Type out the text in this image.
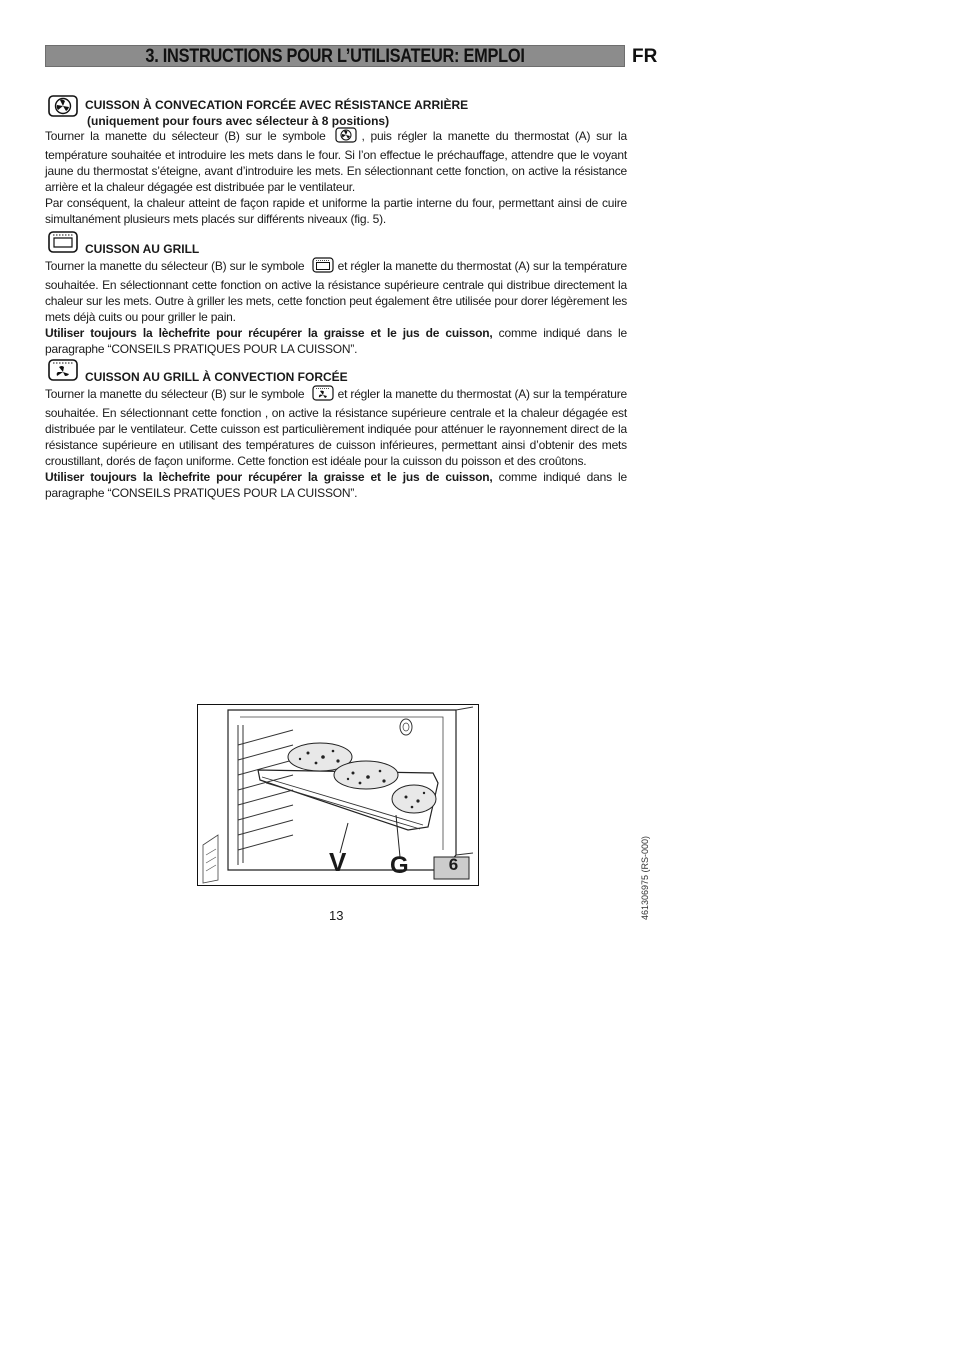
3. INSTRUCTIONS POUR L’UTILISATEUR: EMPLOI	FR
CUISSON À CONVECATION FORCÉE AVEC RÉSISTANCE ARRIÈRE
(uniquement pour fours avec sélecteur à 8 positions)

Tourner la manette du sélecteur (B) sur le symbole	, puis régler la manette du thermostat (A) sur la température souhaitée et introduire les mets dans le four. Si l’on effectue le préchauffage, attendre que le voyant jaune du thermostat s’éteigne, avant d’introduire les mets. En sélectionnant cette fonction, on active la résistance arrière et la chaleur dégagée est distribuée par le ventilateur.

Par conséquent, la chaleur atteint de façon rapide et uniforme la partie interne du four, permettant ainsi de cuire simultanément plusieurs mets placés sur différents niveaux (fig. 5).

CUISSON AU GRILL

Tourner la manette du sélecteur (B) sur le symbole	et régler la manette du thermostat (A) sur la température souhaitée. En sélectionnant cette fonction on active la résistance supérieure centrale qui distribue directement la chaleur sur les mets. Outre à griller les mets, cette fonction peut également être utilisée pour dorer légèrement les mets déjà cuits ou pour griller le pain.

Utiliser toujours la lèchefrite pour récupérer la graisse et le jus de cuisson, comme indiqué dans le paragraphe “CONSEILS PRATIQUES POUR LA CUISSON”.

CUISSON AU GRILL À CONVECTION FORCÉE

Tourner la manette du sélecteur (B) sur le symbole	et régler la manette du thermostat (A) sur la température souhaitée. En sélectionnant cette fonction , on active la résistance supérieure centrale et la chaleur dégagée est distribuée par le ventilateur. Cette cuisson est particulièrement indiquée pour atténuer le rayonnement direct de la résistance supérieure en utilisant des températures de cuisson inférieures, permettant ainsi d’obtenir des mets croustillant, dorés de façon uniforme. Cette fonction est idéale pour la cuisson du poisson et des croûtons.

Utiliser toujours la lèchefrite pour récupérer la graisse et le jus de cuisson, comme indiqué dans le paragraphe “CONSEILS PRATIQUES POUR LA CUISSON”.

V G	6
13	461306975 (RS-000)
